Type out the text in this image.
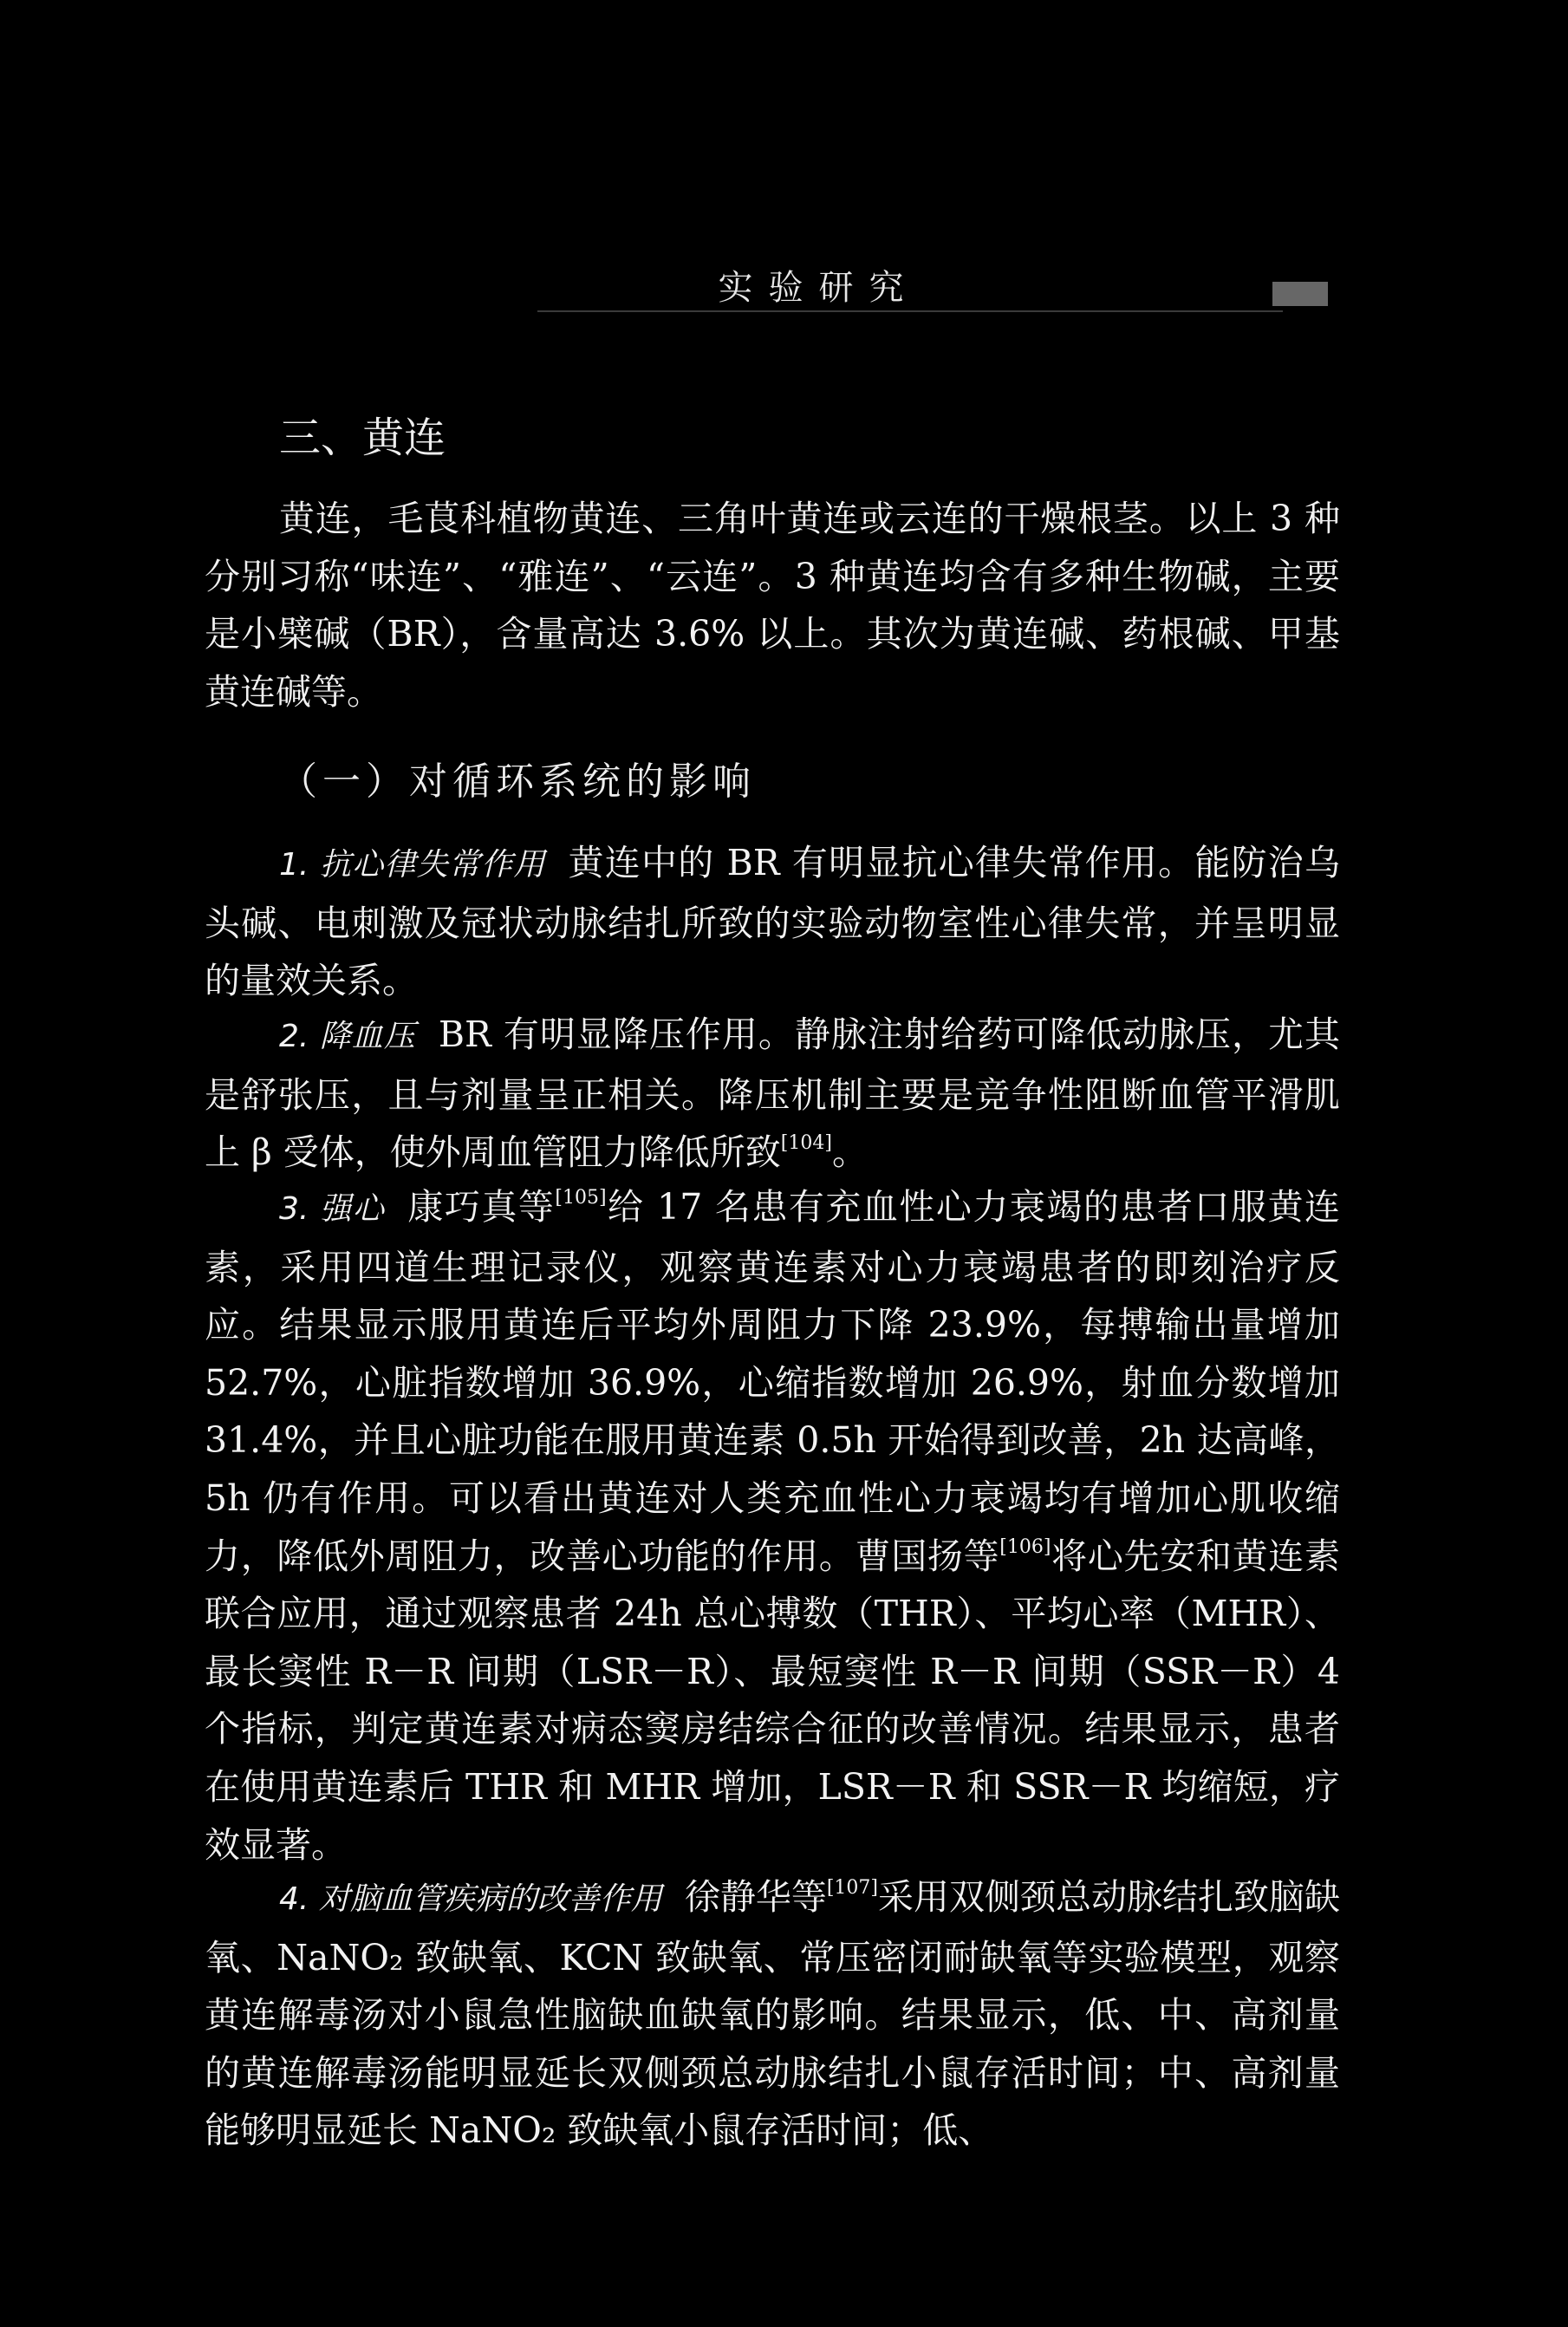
实验研究
三、黄连

黄连，毛茛科植物黄连、三角叶黄连或云连的干燥根茎。以上 3 种分别习称“味连”、“雅连”、“云连”。3 种黄连均含有多种生物碱，主要是小檗碱（BR），含量高达 3.6% 以上。其次为黄连碱、药根碱、甲基黄连碱等。

（一）对循环系统的影响

1. 抗心律失常作用 黄连中的 BR 有明显抗心律失常作用。能防治乌头碱、电刺激及冠状动脉结扎所致的实验动物室性心律失常，并呈明显的量效关系。

2. 降血压 BR 有明显降压作用。静脉注射给药可降低动脉压，尤其是舒张压，且与剂量呈正相关。降压机制主要是竞争性阻断血管平滑肌上 β 受体，使外周血管阻力降低所致[104]。

3. 强心 康巧真等[105]给 17 名患有充血性心力衰竭的患者口服黄连素，采用四道生理记录仪，观察黄连素对心力衰竭患者的即刻治疗反应。结果显示服用黄连后平均外周阻力下降 23.9%，每搏输出量增加 52.7%，心脏指数增加 36.9%，心缩指数增加 26.9%，射血分数增加 31.4%，并且心脏功能在服用黄连素 0.5h 开始得到改善，2h 达高峰，5h 仍有作用。可以看出黄连对人类充血性心力衰竭均有增加心肌收缩力，降低外周阻力，改善心功能的作用。曹国扬等[106]将心先安和黄连素联合应用，通过观察患者 24h 总心搏数（THR）、平均心率（MHR）、最长窦性 R－R 间期（LSR－R）、最短窦性 R－R 间期（SSR－R）4 个指标，判定黄连素对病态窦房结综合征的改善情况。结果显示，患者在使用黄连素后 THR 和 MHR 增加，LSR－R 和 SSR－R 均缩短，疗效显著。

4. 对脑血管疾病的改善作用 徐静华等[107]采用双侧颈总动脉结扎致脑缺氧、NaNO₂ 致缺氧、KCN 致缺氧、常压密闭耐缺氧等实验模型，观察黄连解毒汤对小鼠急性脑缺血缺氧的影响。结果显示，低、中、高剂量的黄连解毒汤能明显延长双侧颈总动脉结扎小鼠存活时间；中、高剂量能够明显延长 NaNO₂ 致缺氧小鼠存活时间；低、
